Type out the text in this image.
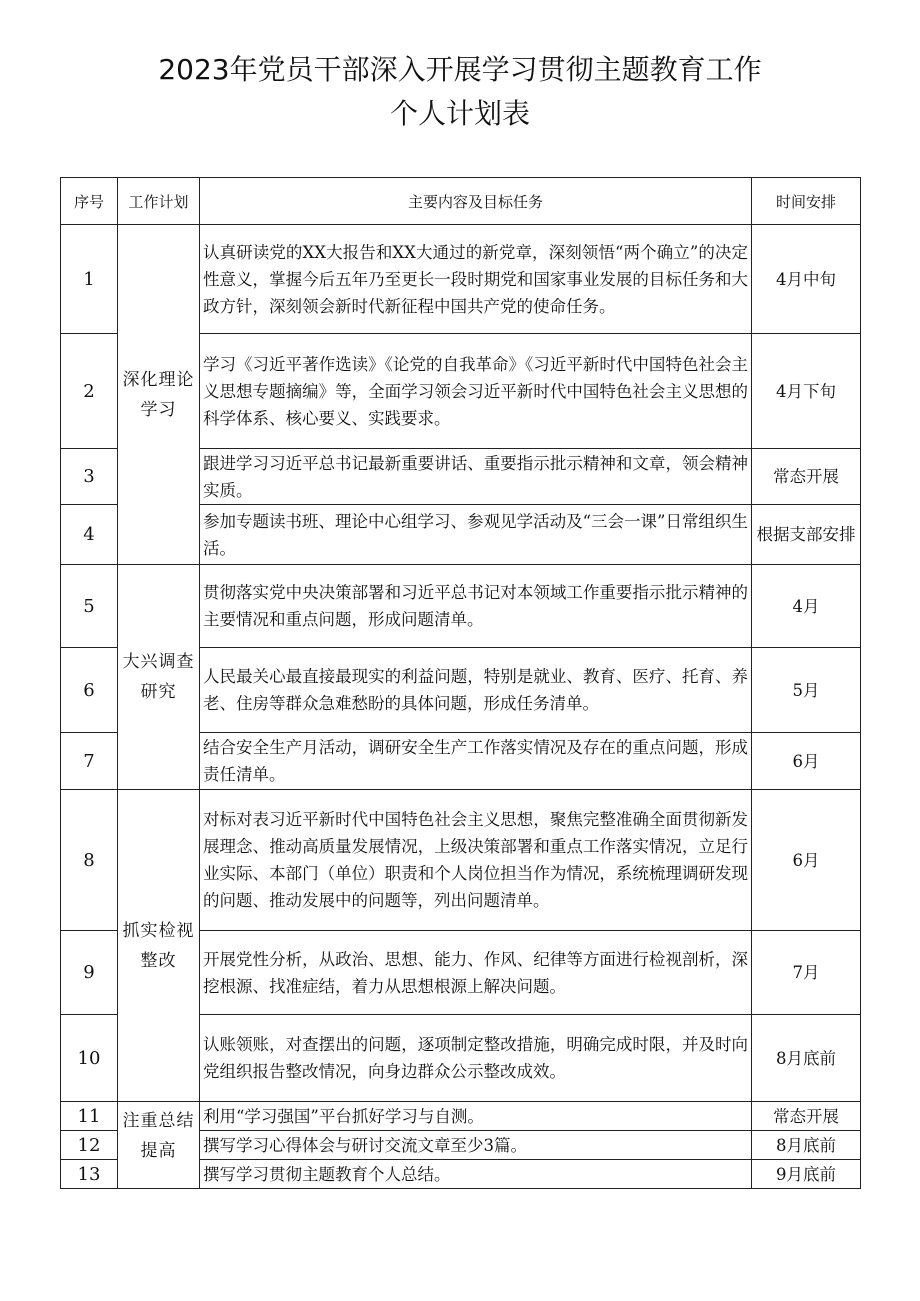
2023年党员干部深入开展学习贯彻主题教育工作
个人计划表
序号	工作计划	主要内容及目标任务	时间安排
1	深化理论学习	认真研读党的XX大报告和XX大通过的新党章，深刻领悟“两个确立”的决定性意义，掌握今后五年乃至更长一段时期党和国家事业发展的目标任务和大政方针，深刻领会新时代新征程中国共产党的使命任务。	4月中旬
2		学习《习近平著作选读》《论党的自我革命》《习近平新时代中国特色社会主义思想专题摘编》等，全面学习领会习近平新时代中国特色社会主义思想的科学体系、核心要义、实践要求。	4月下旬
3		跟进学习习近平总书记最新重要讲话、重要指示批示精神和文章，领会精神实质。	常态开展
4		参加专题读书班、理论中心组学习、参观见学活动及“三会一课”日常组织生活。	根据支部安排
5	大兴调查研究	贯彻落实党中央决策部署和习近平总书记对本领域工作重要指示批示精神的主要情况和重点问题，形成问题清单。	4月
6		人民最关心最直接最现实的利益问题，特别是就业、教育、医疗、托育、养老、住房等群众急难愁盼的具体问题，形成任务清单。	5月
7		结合安全生产月活动，调研安全生产工作落实情况及存在的重点问题，形成责任清单。	6月
8	抓实检视整改	对标对表习近平新时代中国特色社会主义思想，聚焦完整准确全面贯彻新发展理念、推动高质量发展情况，上级决策部署和重点工作落实情况，立足行业实际、本部门（单位）职责和个人岗位担当作为情况，系统梳理调研发现的问题、推动发展中的问题等，列出问题清单。	6月
9		开展党性分析，从政治、思想、能力、作风、纪律等方面进行检视剖析，深挖根源、找准症结，着力从思想根源上解决问题。	7月
10		认账领账，对查摆出的问题，逐项制定整改措施，明确完成时限，并及时向党组织报告整改情况，向身边群众公示整改成效。	8月底前
11	注重总结提高	利用“学习强国”平台抓好学习与自测。	常态开展
12		撰写学习心得体会与研讨交流文章至少3篇。	8月底前
13		撰写学习贯彻主题教育个人总结。	9月底前
